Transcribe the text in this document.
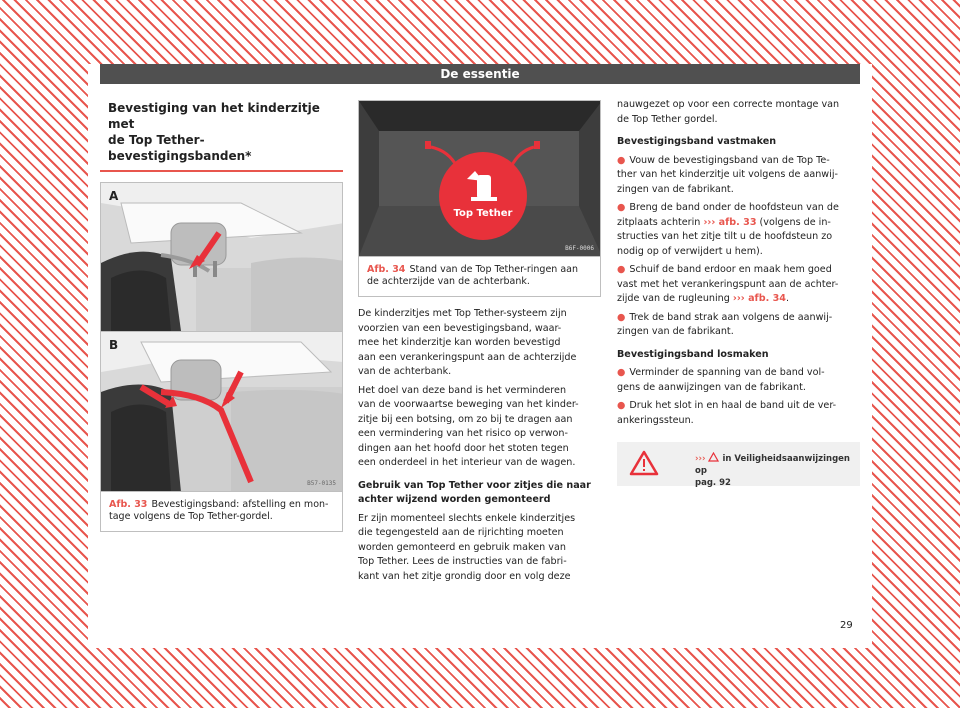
De essentie
Bevestiging van het kinderzitje met
de Top Tether-bevestigingsbanden*
A
B
B57-0135
Afb. 33 Bevestigingsband: afstelling en mon-
tage volgens de Top Tether-gordel.
Top Tether
B6F-0006
Afb. 34 Stand van de Top Tether-ringen aan
de achterzijde van de achterbank.

De kinderzitjes met Top Tether-systeem zijn
voorzien van een bevestigingsband, waar-
mee het kinderzitje kan worden bevestigd
aan een verankeringspunt aan de achterzijde
van de achterbank.

Het doel van deze band is het verminderen
van de voorwaartse beweging van het kinder-
zitje bij een botsing, om zo bij te dragen aan
een vermindering van het risico op verwon-
dingen aan het hoofd door het stoten tegen
een onderdeel in het interieur van de wagen.

Gebruik van Top Tether voor zitjes die naar
achter wijzend worden gemonteerd

Er zijn momenteel slechts enkele kinderzitjes
die tegengesteld aan de rijrichting moeten
worden gemonteerd en gebruik maken van
Top Tether. Lees de instructies van de fabri-
kant van het zitje grondig door en volg deze

nauwgezet op voor een correcte montage van
de Top Tether gordel.

Bevestigingsband vastmaken

● Vouw de bevestigingsband van de Top Te-
ther van het kinderzitje uit volgens de aanwij-
zingen van de fabrikant.

● Breng de band onder de hoofdsteun van de
zitplaats achterin ››› afb. 33 (volgens de in-
structies van het zitje tilt u de hoofdsteun zo
nodig op of verwijdert u hem).

● Schuif de band erdoor en maak hem goed
vast met het verankeringspunt aan de achter-
zijde van de rugleuning ››› afb. 34.

● Trek de band strak aan volgens de aanwij-
zingen van de fabrikant.

Bevestigingsband losmaken

● Verminder de spanning van de band vol-
gens de aanwijzingen van de fabrikant.

● Druk het slot in en haal de band uit de ver-
ankeringssteun.

››› in Veiligheidsaanwijzingen op
pag. 92
29
